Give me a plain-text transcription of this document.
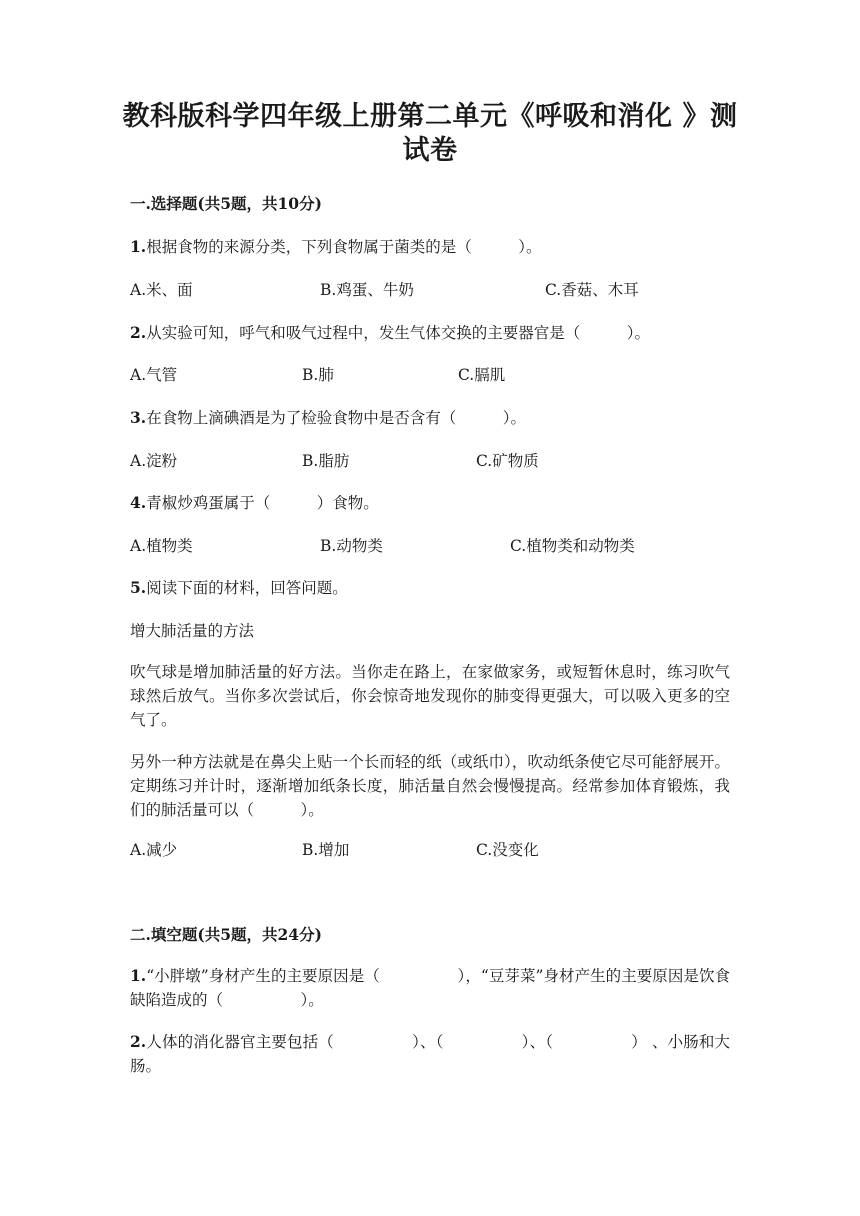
教科版科学四年级上册第二单元《呼吸和消化 》测试卷
一.选择题(共5题，共10分)
1.根据食物的来源分类，下列食物属于菌类的是（　　　）。
A.米、面	B.鸡蛋、牛奶	C.香菇、木耳
2.从实验可知，呼气和吸气过程中，发生气体交换的主要器官是（　　　）。
A.气管	B.肺	C.膈肌
3.在食物上滴碘酒是为了检验食物中是否含有（　　　）。
A.淀粉	B.脂肪	C.矿物质
4.青椒炒鸡蛋属于（　　　）食物。
A.植物类	B.动物类	C.植物类和动物类
5.阅读下面的材料，回答问题。
增大肺活量的方法
吹气球是增加肺活量的好方法。当你走在路上，在家做家务，或短暂休息时，练习吹气球然后放气。当你多次尝试后，你会惊奇地发现你的肺变得更强大，可以吸入更多的空气了。
另外一种方法就是在鼻尖上贴一个长而轻的纸（或纸巾），吹动纸条使它尽可能舒展开。定期练习并计时，逐渐增加纸条长度，肺活量自然会慢慢提高。经常参加体育锻炼，我们的肺活量可以（　　　）。
A.减少	B.增加	C.没变化
二.填空题(共5题，共24分)
1.“小胖墩”身材产生的主要原因是（　　　　　），“豆芽菜”身材产生的主要原因是饮食缺陷造成的（　　　　　）。
2.人体的消化器官主要包括（　　　　　）、（　　　　　）、（　　　　　） 、小肠和大肠。
